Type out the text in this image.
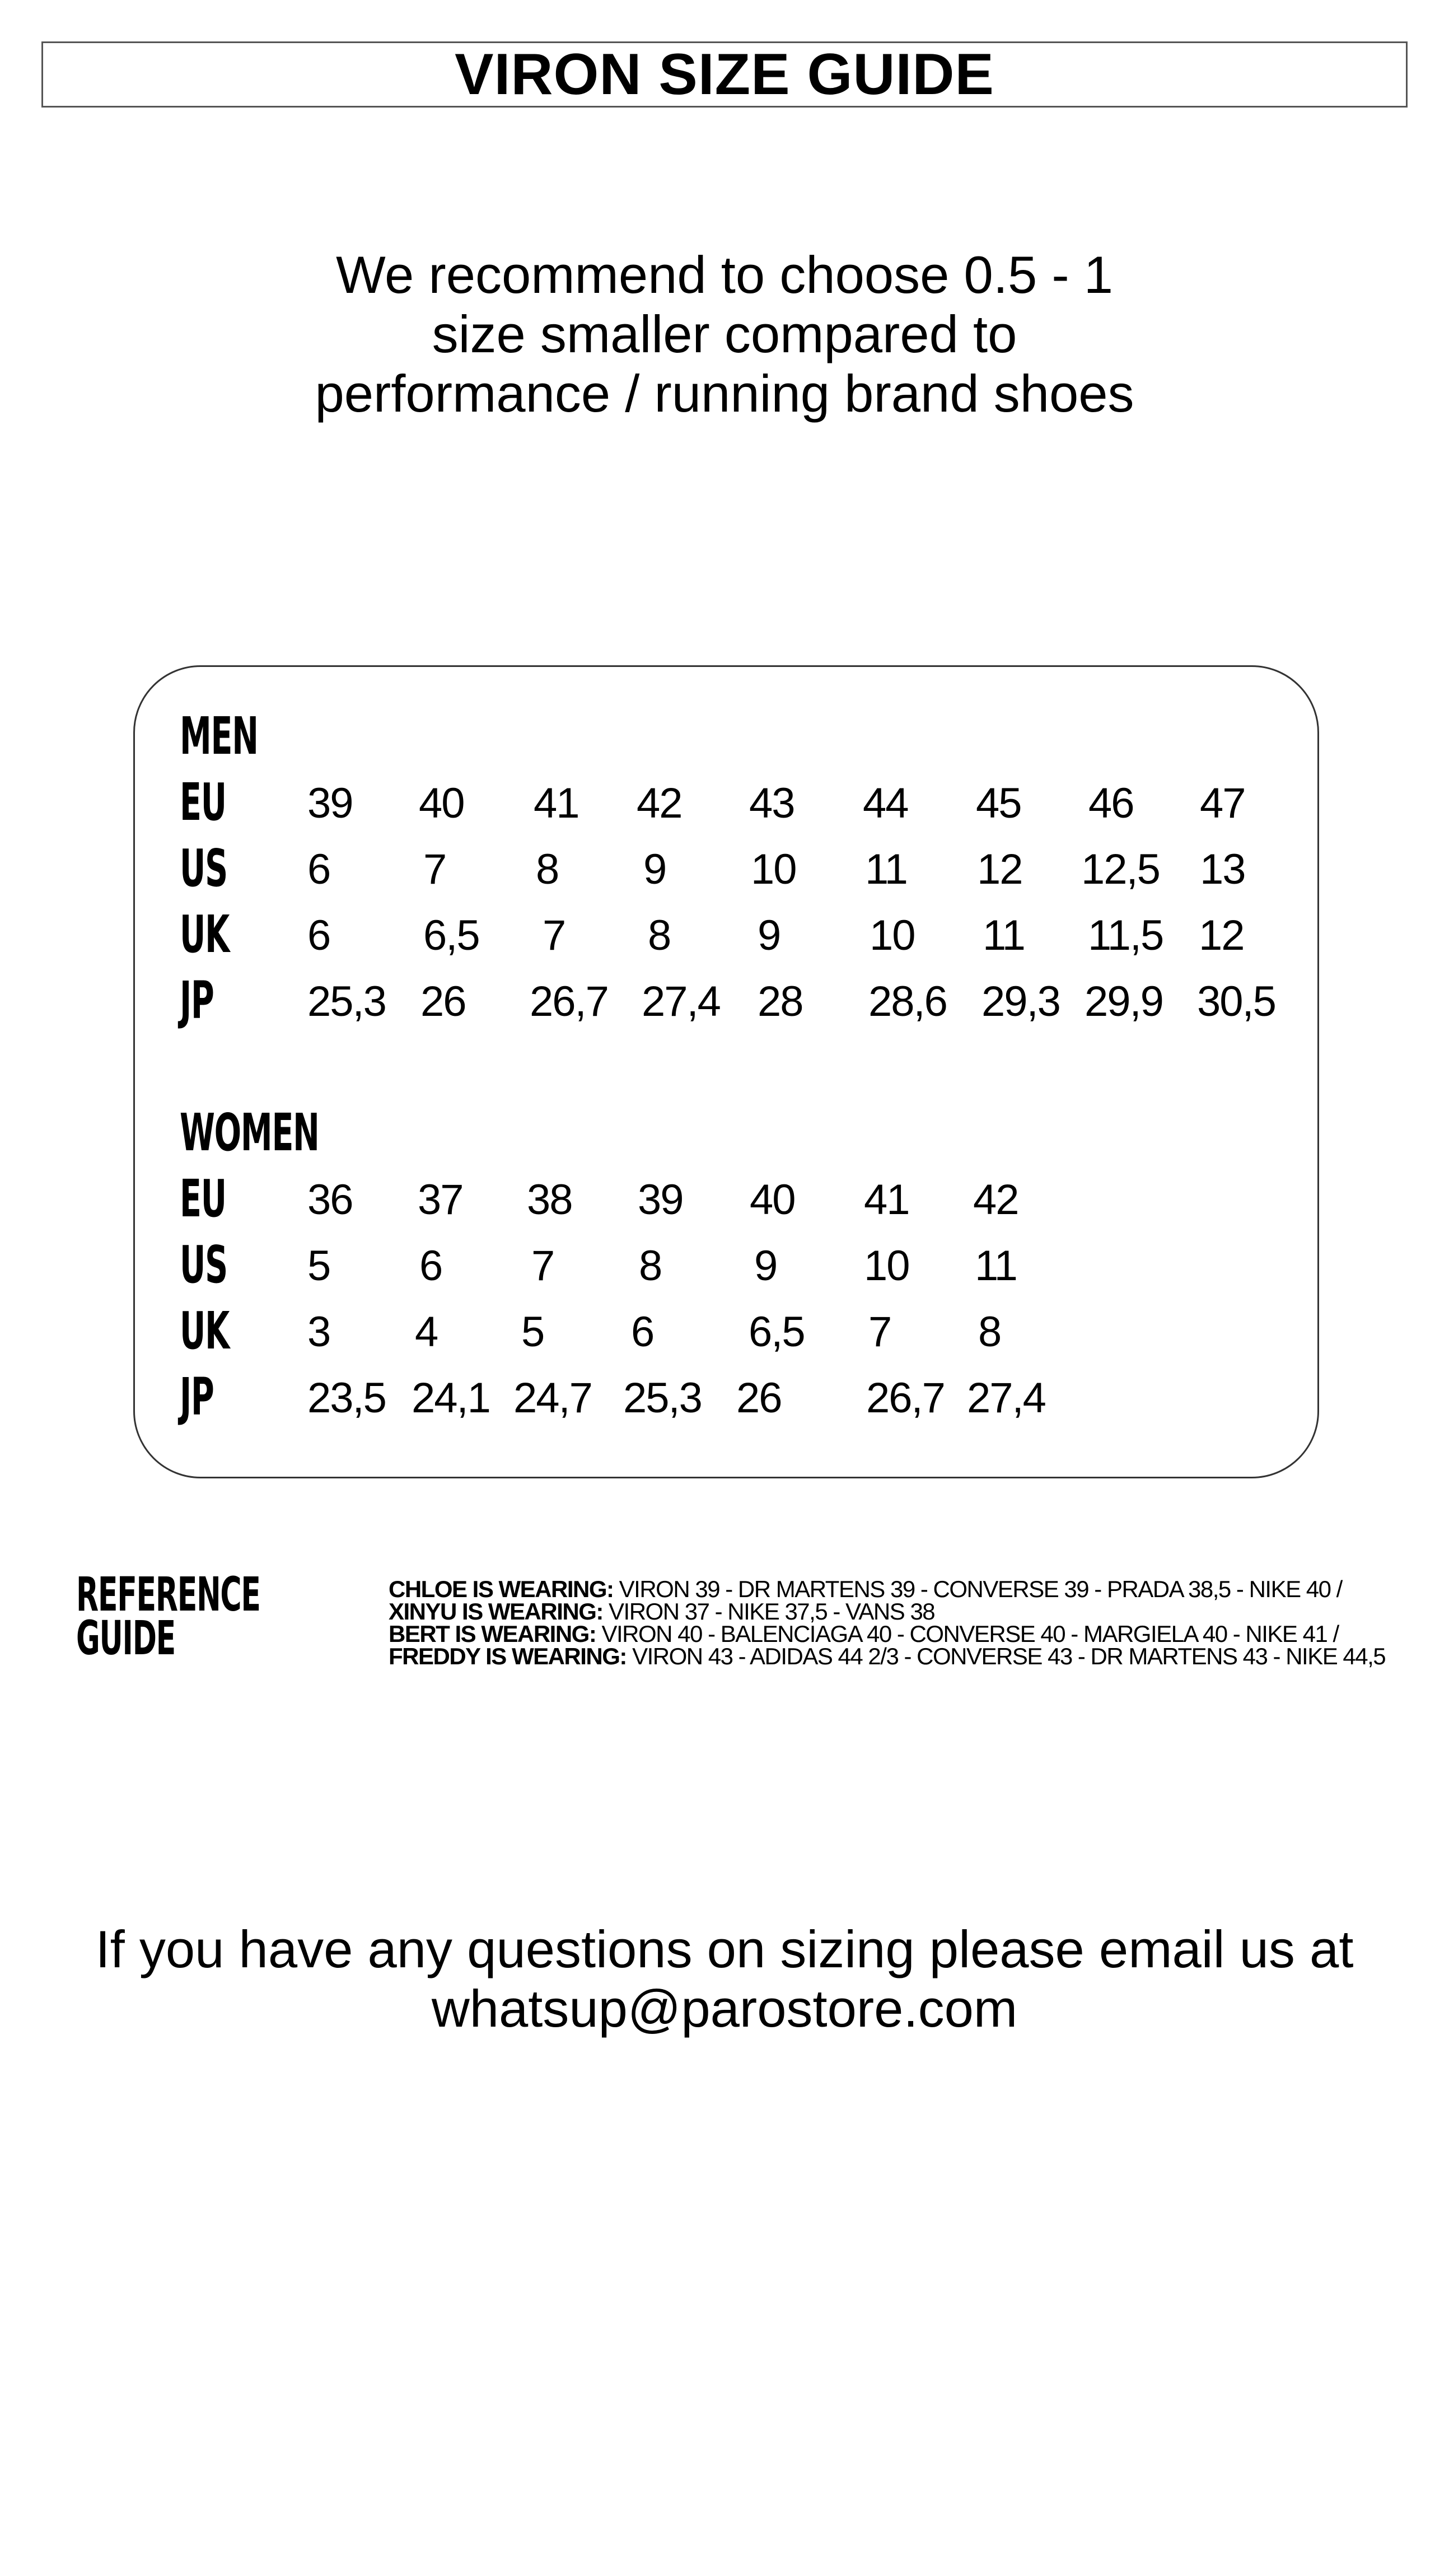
VIRON SIZE GUIDE
We recommend to choose 0.5 - 1
size smaller compared to
performance / running brand shoes
MEN
EU
US
UK
JP
39 40 41 42 43 44 45 46 47
6 7 8 9 10 11 12 12,5 13
6 6,5 7 8 9 10 11 11,5 12
25,3 26 26,7 27,4 28 28,6 29,3 29,9 30,5
WOMEN
EU
US
UK
JP
36 37 38 39 40 41 42
5 6 7 8 9 10 11
3 4 5 6 6,5 7 8
23,5 24,1 24,7 25,3 26 26,7 27,4
REFERENCE
GUIDE
CHLOE IS WEARING: VIRON 39 - DR MARTENS 39 - CONVERSE 39 - PRADA 38,5 - NIKE 40 /
XINYU IS WEARING: VIRON 37 - NIKE 37,5 - VANS 38
BERT IS WEARING: VIRON 40 - BALENCIAGA 40 - CONVERSE 40 - MARGIELA 40 - NIKE 41 /
FREDDY IS WEARING: VIRON 43 - ADIDAS 44 2/3 - CONVERSE 43 - DR MARTENS 43 - NIKE 44,5
If you have any questions on sizing please email us at
whatsup@parostore.com
